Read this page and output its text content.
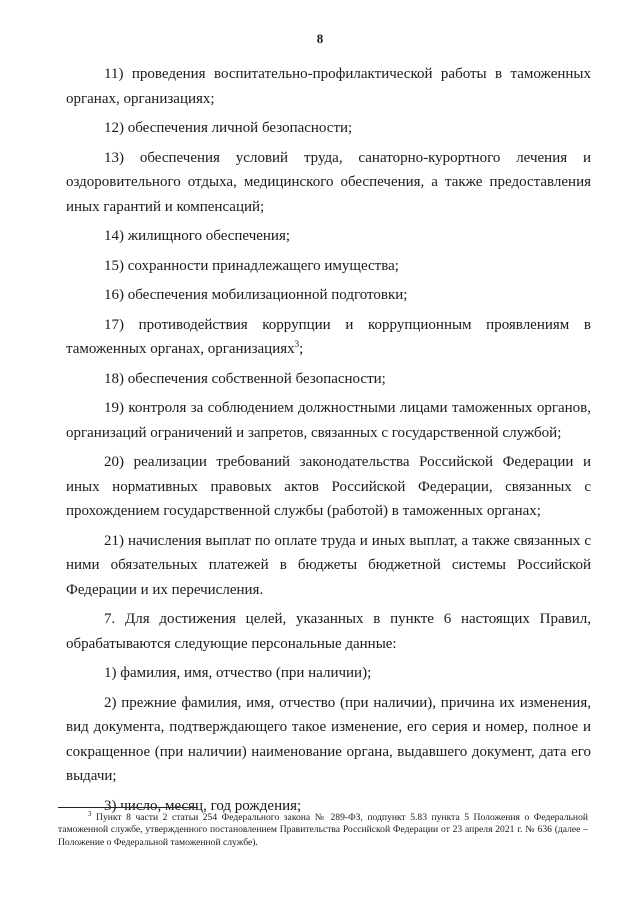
8

11) проведения воспитательно-профилактической работы в таможенных органах, организациях;

12) обеспечения личной безопасности;

13) обеспечения условий труда, санаторно-курортного лечения и оздоровительного отдыха, медицинского обеспечения, а также предоставления иных гарантий и компенсаций;

14) жилищного обеспечения;

15) сохранности принадлежащего имущества;

16) обеспечения мобилизационной подготовки;

17) противодействия коррупции и коррупционным проявлениям в таможенных органах, организациях$^3$;

18) обеспечения собственной безопасности;

19) контроля за соблюдением должностными лицами таможенных органов, организаций ограничений и запретов, связанных с государственной службой;

20) реализации требований законодательства Российской Федерации и иных нормативных правовых актов Российской Федерации, связанных с прохождением государственной службы (работой) в таможенных органах;

21) начисления выплат по оплате труда и иных выплат, а также связанных с ними обязательных платежей в бюджеты бюджетной системы Российской Федерации и их перечисления.

7. Для достижения целей, указанных в пункте 6 настоящих Правил, обрабатываются следующие персональные данные:

1) фамилия, имя, отчество (при наличии);

2) прежние фамилия, имя, отчество (при наличии), причина их изменения, вид документа, подтверждающего такое изменение, его серия и номер, полное и сокращенное (при наличии) наименование органа, выдавшего документ, дата его выдачи;

3) число, месяц, год рождения;

$^3$ Пункт 8 части 2 статьи 254 Федерального закона № 289-ФЗ, подпункт 5.83 пункта 5 Положения о Федеральной таможенной службе, утвержденного постановлением Правительства Российской Федерации от 23 апреля 2021 г. № 636 (далее – Положение о Федеральной таможенной службе).
